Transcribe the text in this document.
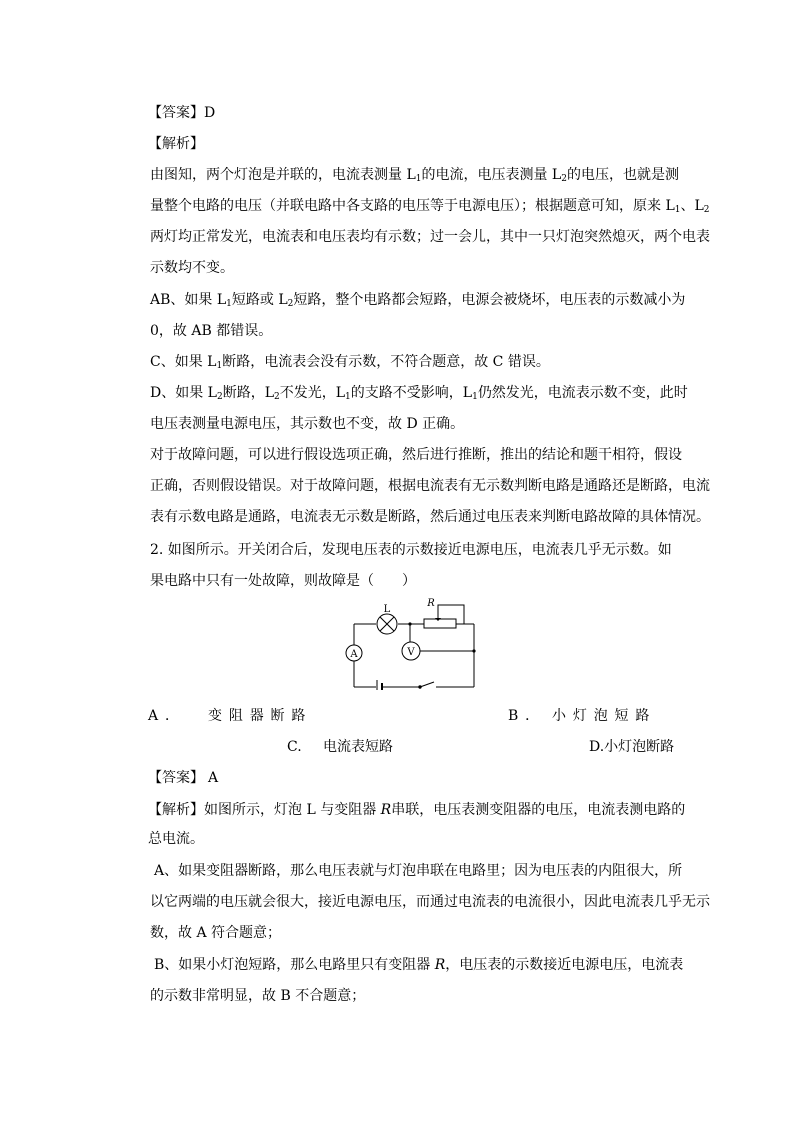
【答案】D
【解析】
由图知，两个灯泡是并联的，电流表测量 $L_1$的电流，电压表测量 $L_2$的电压，也就是测
量整个电路的电压（并联电路中各支路的电压等于电源电压）；根据题意可知，原来 $L_1$、$L_2$
两灯均正常发光，电流表和电压表均有示数；过一会儿，其中一只灯泡突然熄灭，两个电表
示数均不变。
AB、如果 $L_1$短路或 $L_2$短路，整个电路都会短路，电源会被烧坏，电压表的示数减小为
0，故 AB 都错误。
C、如果 $L_1$断路，电流表会没有示数，不符合题意，故 C 错误。
D、如果 $L_2$断路，$L_2$不发光，$L_1$的支路不受影响，$L_1$仍然发光，电流表示数不变，此时
电压表测量电源电压，其示数也不变，故 D 正确。
对于故障问题，可以进行假设选项正确，然后进行推断，推出的结论和题干相符，假设
正确，否则假设错误。对于故障问题，根据电流表有无示数判断电路是通路还是断路，电流
表有示数电路是通路，电流表无示数是断路，然后通过电压表来判断电路故障的具体情况。
2. 如图所示。开关闭合后，发现电压表的示数接近电源电压，电流表几乎无示数。如
果电路中只有一处故障，则故障是（　　）
L
R
A	V
A ． 变 阻 器 断 路	B ． 小 灯 泡 短 路
C. 电流表短路	D.小灯泡断路
【答案】 A
【解析】如图所示，灯泡 L 与变阻器 R串联，电压表测变阻器的电压，电流表测电路的
总电流。
A、如果变阻器断路，那么电压表就与灯泡串联在电路里；因为电压表的内阻很大，所
以它两端的电压就会很大，接近电源电压，而通过电流表的电流很小，因此电流表几乎无示
数，故 A 符合题意；
B、如果小灯泡短路，那么电路里只有变阻器 R，电压表的示数接近电源电压，电流表
的示数非常明显，故 B 不合题意；
